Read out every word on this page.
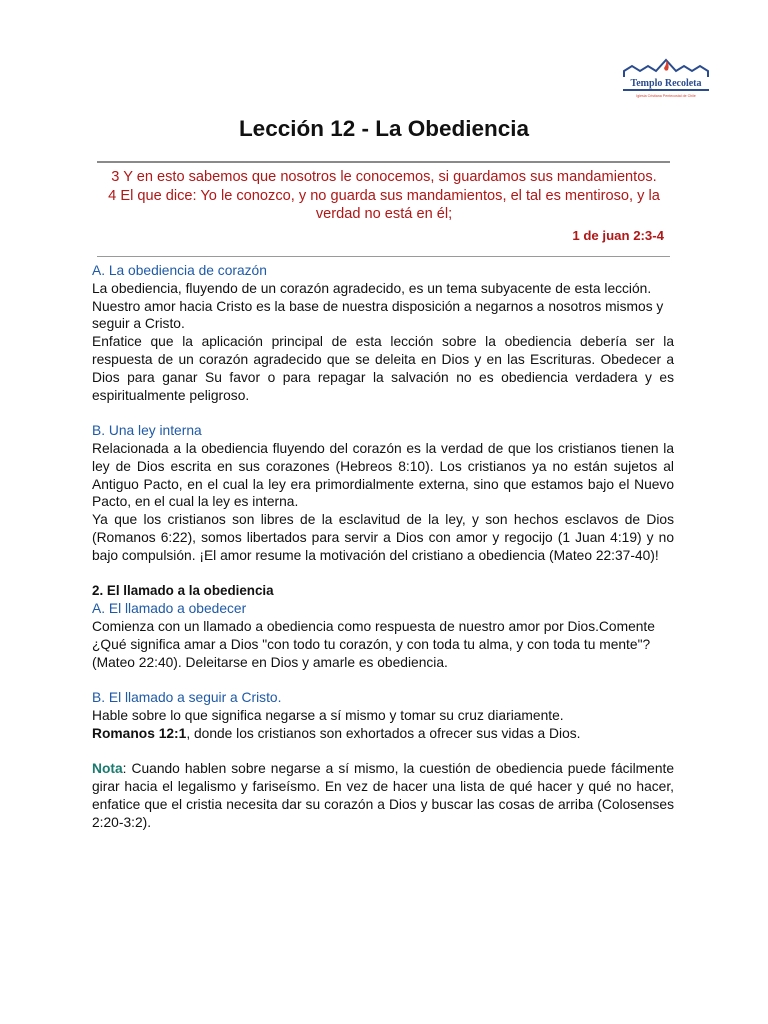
Templo Recoleta
Iglesia Cristiana Pentecostal de Chile
Lección 12 - La Obediencia
3 Y en esto sabemos que nosotros le conocemos, si guardamos sus mandamientos.
4 El que dice: Yo le conozco, y no guarda sus mandamientos, el tal es mentiroso, y la verdad no está en él;
1 de juan 2:3-4

A. La obediencia de corazón

La obediencia, fluyendo de un corazón agradecido, es un tema subyacente de esta lección. Nuestro amor hacia Cristo es la base de nuestra disposición a negarnos a nosotros mismos y seguir a Cristo.

Enfatice que la aplicación principal de esta lección sobre la obediencia debería ser la respuesta de un corazón agradecido que se deleita en Dios y en las Escrituras. Obedecer a Dios para ganar Su favor o para repagar la salvación no es obediencia verdadera y es espiritualmente peligroso.

B. Una ley interna

Relacionada a la obediencia fluyendo del corazón es la verdad de que los cristianos tienen la ley de Dios escrita en sus corazones (Hebreos 8:10). Los cristianos ya no están sujetos al Antiguo Pacto, en el cual la ley era primordialmente externa, sino que estamos bajo el Nuevo Pacto, en el cual la ley es interna.

Ya que los cristianos son libres de la esclavitud de la ley, y son hechos esclavos de Dios (Romanos 6:22), somos libertados para servir a Dios con amor y regocijo (1 Juan 4:19) y no bajo compulsión. ¡El amor resume la motivación del cristiano a obediencia (Mateo 22:37-40)!

2. El llamado a la obediencia

A. El llamado a obedecer

Comienza con un llamado a obediencia como respuesta de nuestro amor por Dios.Comente ¿Qué significa amar a Dios "con todo tu corazón, y con toda tu alma, y con toda tu mente"? (Mateo 22:40). Deleitarse en Dios y amarle es obediencia.

B. El llamado a seguir a Cristo.

Hable sobre lo que significa negarse a sí mismo y tomar su cruz diariamente.

Romanos 12:1, donde los cristianos son exhortados a ofrecer sus vidas a Dios.

Nota: Cuando hablen sobre negarse a sí mismo, la cuestión de obediencia puede fácilmente girar hacia el legalismo y fariseísmo. En vez de hacer una lista de qué hacer y qué no hacer, enfatice que el cristia necesita dar su corazón a Dios y buscar las cosas de arriba (Colosenses 2:20-3:2).
